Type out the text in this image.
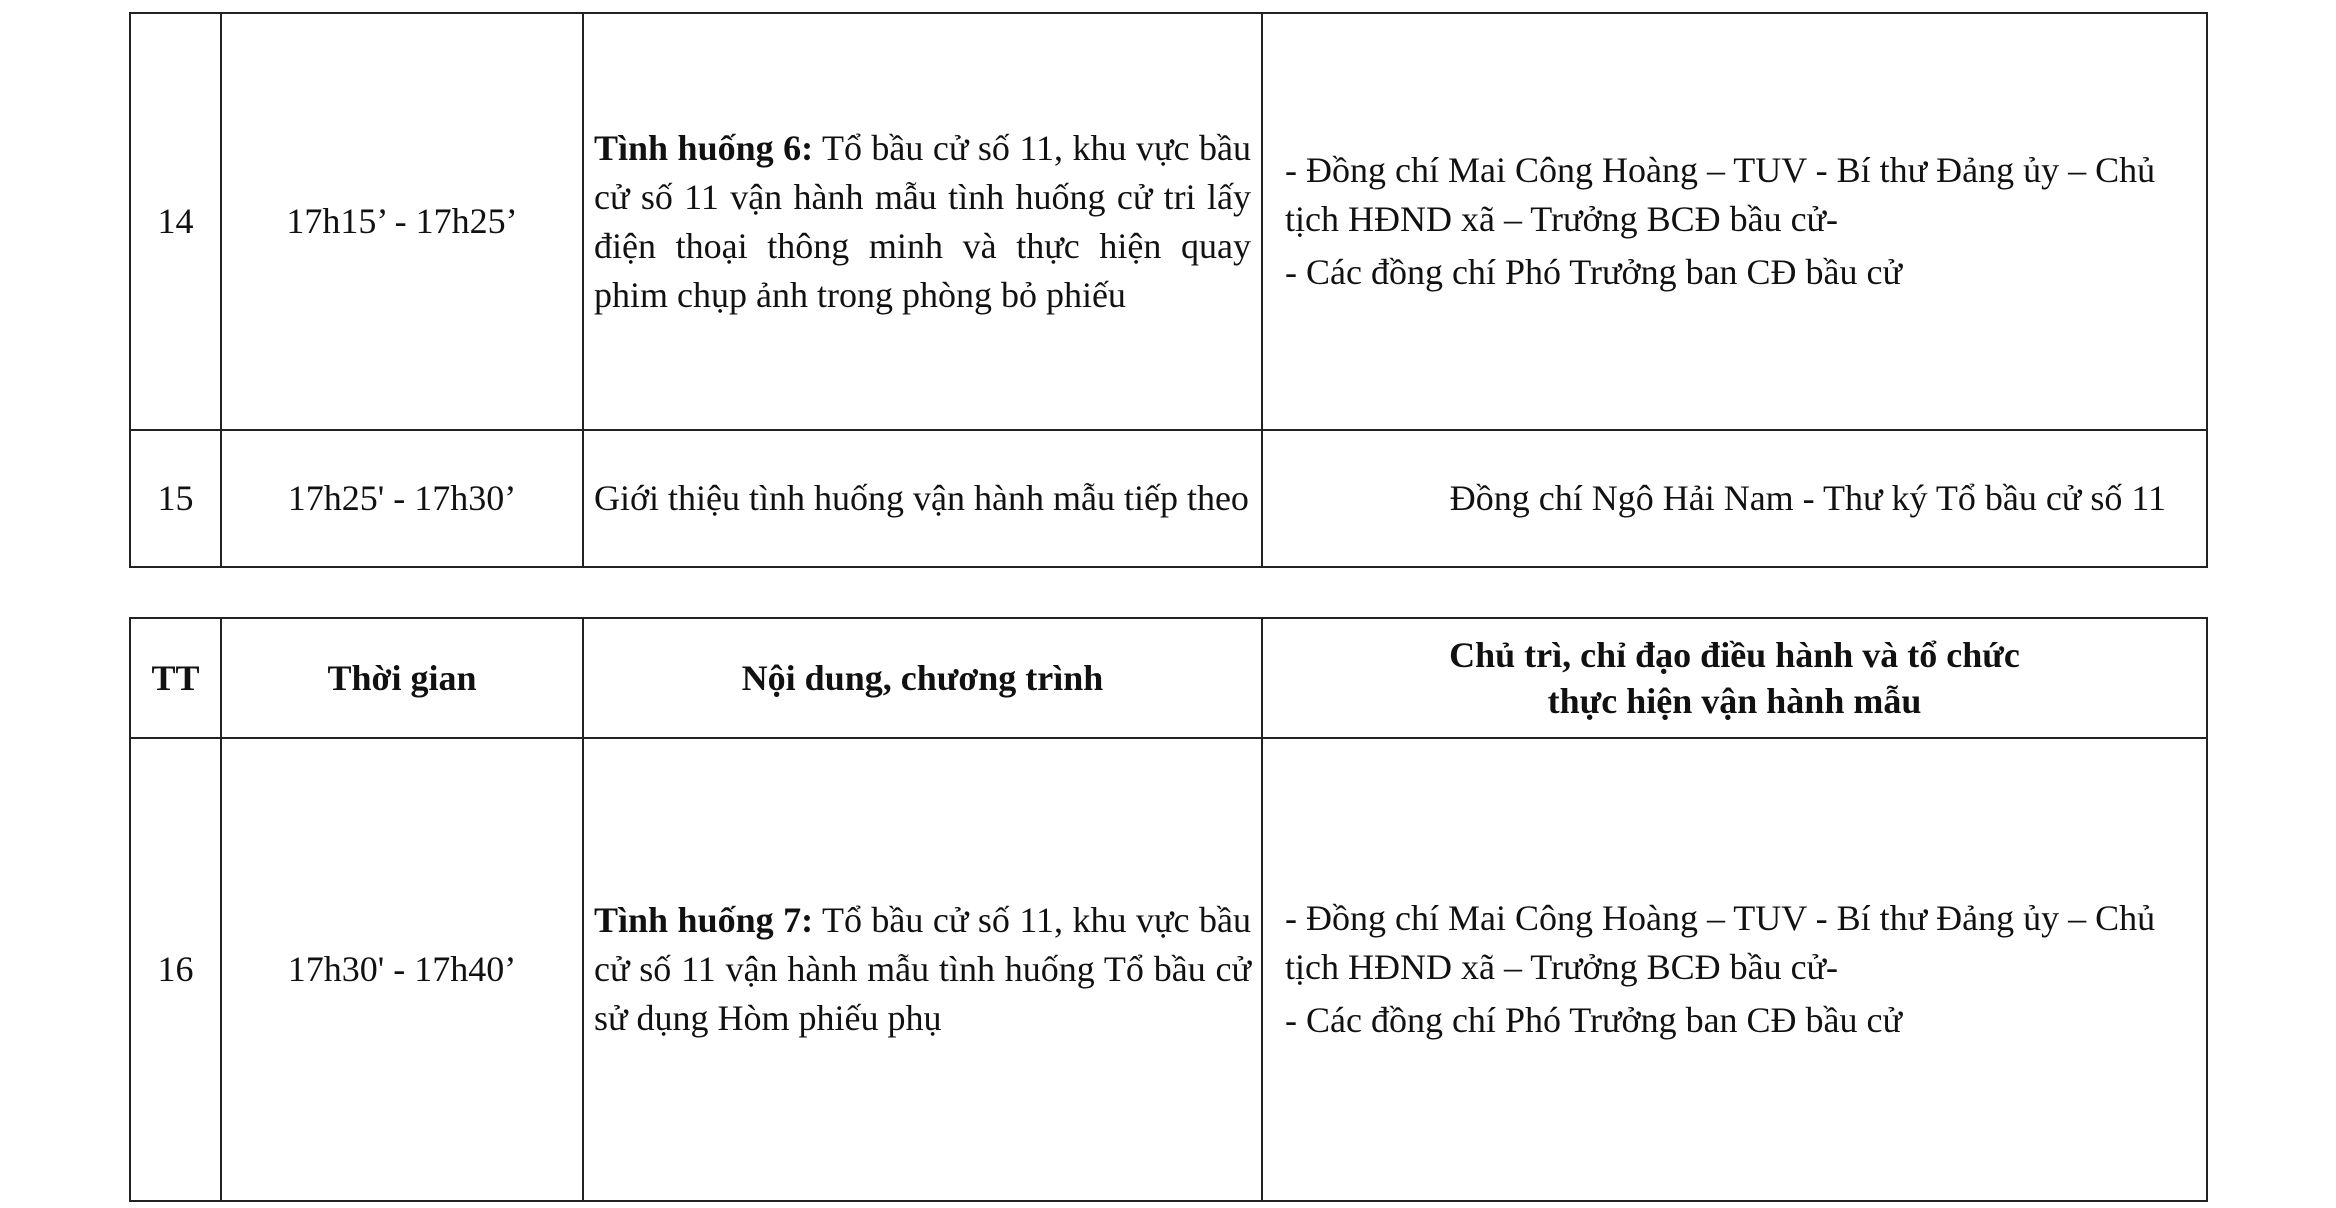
14	17h15’ - 17h25’	Tình huống 6: Tổ bầu cử số 11, khu vực bầu cử số 11 vận hành mẫu tình huống cử tri lấy điện thoại thông minh và thực hiện quay phim chụp ảnh trong phòng bỏ phiếu	- Đồng chí Mai Công Hoàng – TUV - Bí thư Đảng ủy – Chủ tịch HĐND xã – Trưởng BCĐ bầu cử-
- Các đồng chí Phó Trưởng ban CĐ bầu cử

15	17h25' - 17h30’	Giới thiệu tình huống vận hành mẫu tiếp theo	Đồng chí Ngô Hải Nam - Thư ký Tổ bầu cử số 11
TT	Thời gian	Nội dung, chương trình	Chủ trì, chỉ đạo điều hành và tổ chức
thực hiện vận hành mẫu

16	17h30' - 17h40’	Tình huống 7: Tổ bầu cử số 11, khu vực bầu cử số 11 vận hành mẫu tình huống Tổ bầu cử sử dụng Hòm phiếu phụ	- Đồng chí Mai Công Hoàng – TUV - Bí thư Đảng ủy – Chủ tịch HĐND xã – Trưởng BCĐ bầu cử-
- Các đồng chí Phó Trưởng ban CĐ bầu cử
